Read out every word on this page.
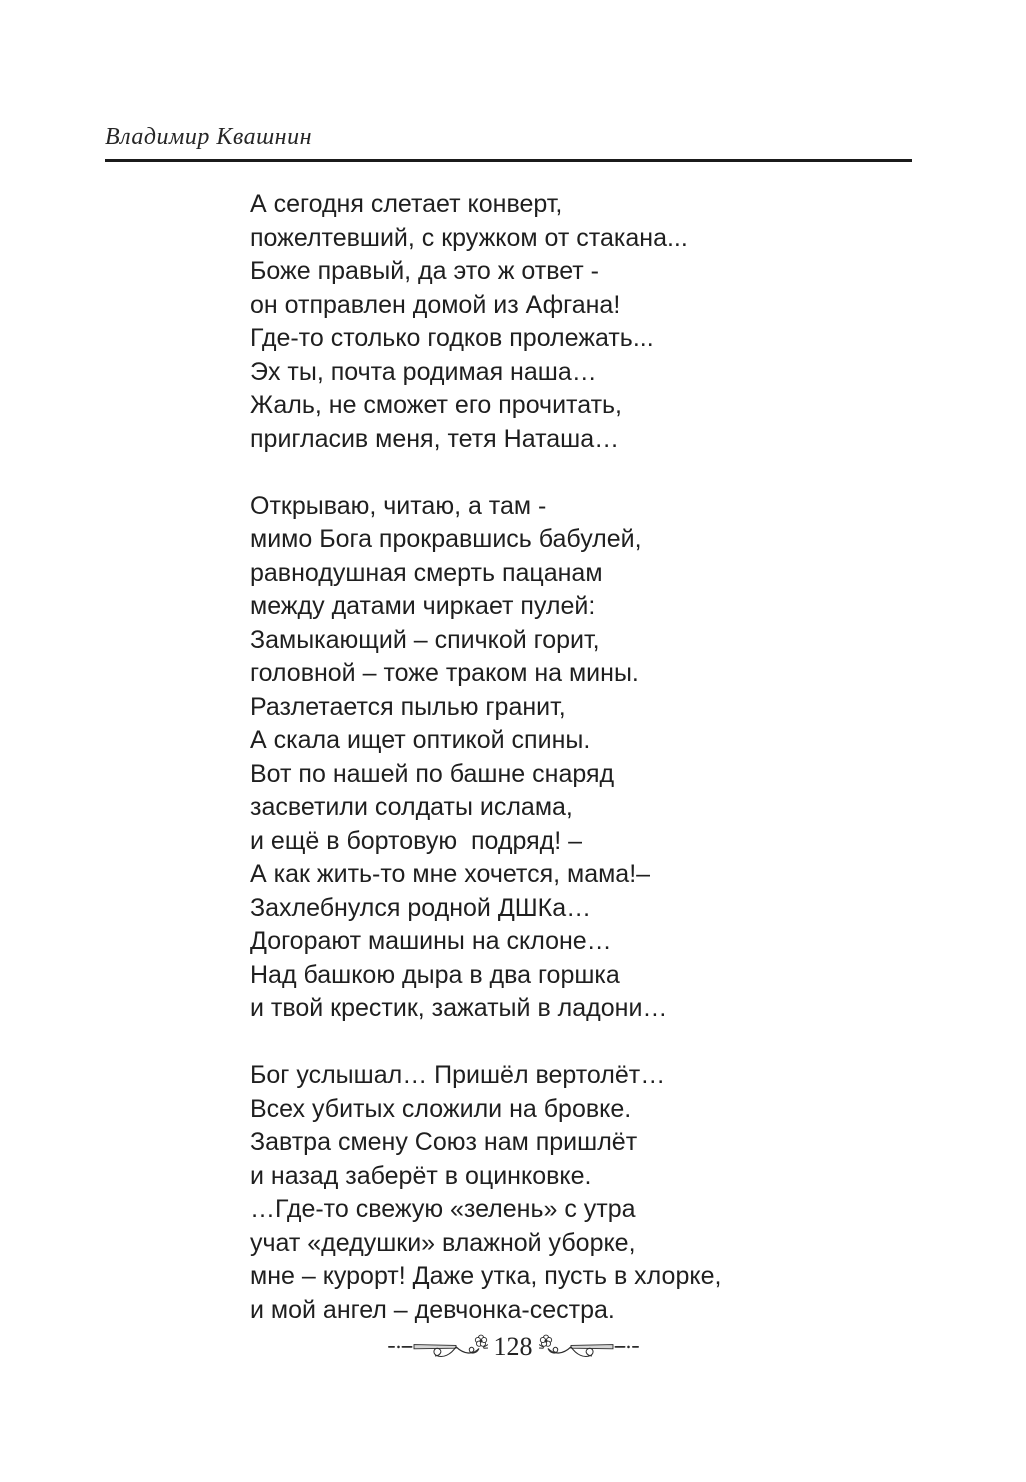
Владимир Квашнин
А сегодня слетает конверт,
пожелтевший, с кружком от стакана...
Боже правый, да это ж ответ -
он отправлен домой из Афгана!
Где-то столько годков пролежать...
Эх ты, почта родимая наша…
Жаль, не сможет его прочитать,
пригласив меня, тетя Наташа…
Открываю, читаю, а там -
мимо Бога прокравшись бабулей,
равнодушная смерть пацанам
между датами чиркает пулей:
Замыкающий – спичкой горит,
головной – тоже траком на мины.
Разлетается пылью гранит,
А скала ищет оптикой спины.
Вот по нашей по башне снаряд
засветили солдаты ислама,
и ещё в бортовую  подряд! –
А как жить-то мне хочется, мама!–
Захлебнулся родной ДШКа…
Догорают машины на склоне…
Над башкою дыра в два горшка
и твой крестик, зажатый в ладони…
Бог услышал… Пришёл вертолёт…
Всех убитых сложили на бровке.
Завтра смену Союз нам пришлёт
и назад заберёт в оцинковке.
…Где-то свежую «зелень» с утра
учат «дедушки» влажной уборке,
мне – курорт! Даже утка, пусть в хлорке,
и мой ангел – девчонка-сестра.
128
